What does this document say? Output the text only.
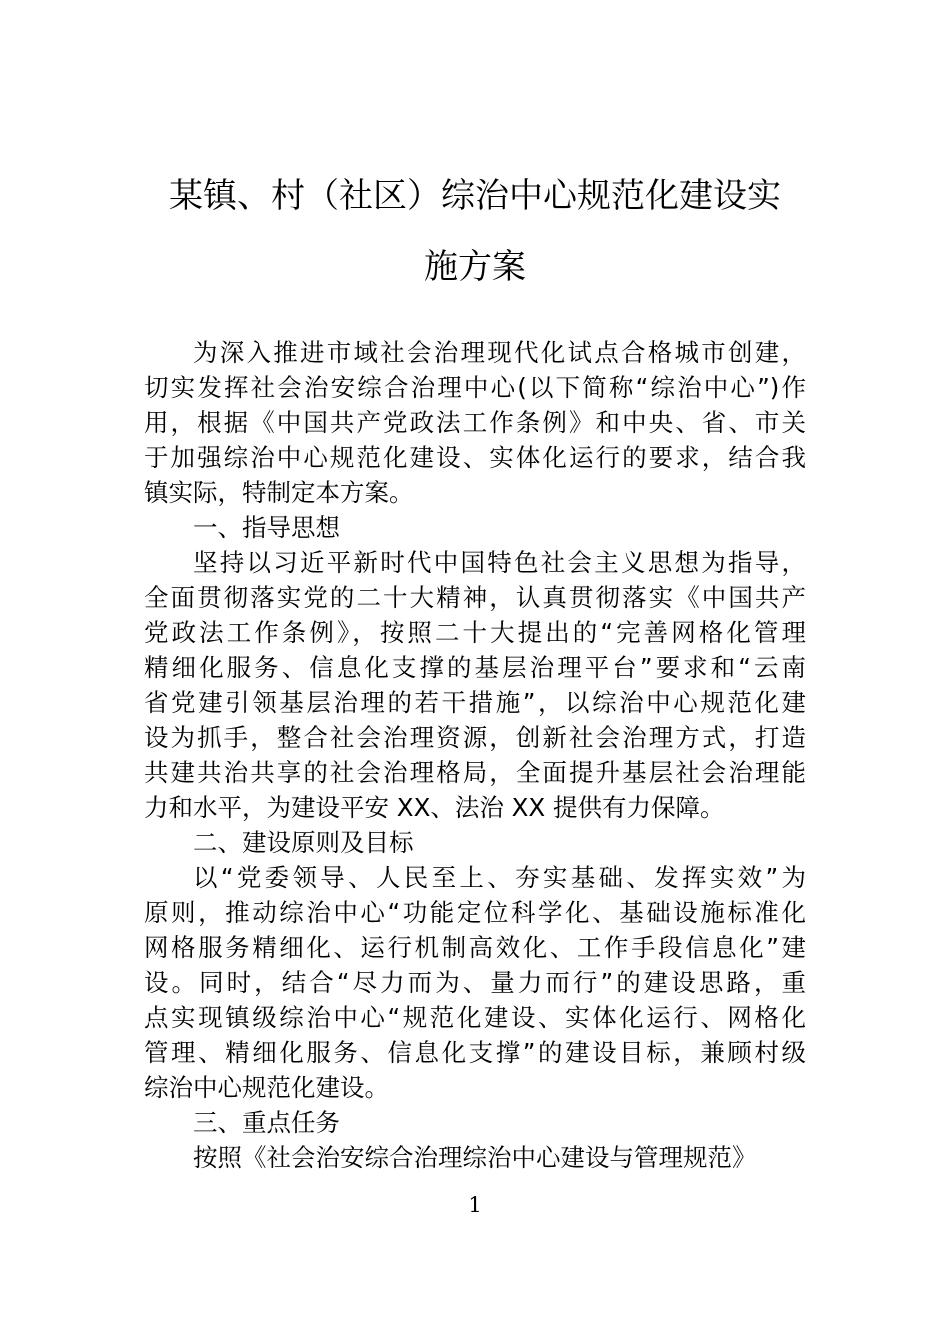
某镇、村（社区）综治中心规范化建设实
施方案
为深入推进市域社会治理现代化试点合格城市创建，
切实发挥社会治安综合治理中心(以下简称“综治中心”)作
用，根据《中国共产党政法工作条例》和中央、省、市关
于加强综治中心规范化建设、实体化运行的要求，结合我
镇实际，特制定本方案。
一、指导思想
坚持以习近平新时代中国特色社会主义思想为指导，
全面贯彻落实党的二十大精神，认真贯彻落实《中国共产
党政法工作条例》，按照二十大提出的“完善网格化管理
精细化服务、信息化支撑的基层治理平台”要求和“云南
省党建引领基层治理的若干措施”，以综治中心规范化建
设为抓手，整合社会治理资源，创新社会治理方式，打造
共建共治共享的社会治理格局，全面提升基层社会治理能
力和水平，为建设平安 XX、法治 XX 提供有力保障。
二、建设原则及目标
以“党委领导、人民至上、夯实基础、发挥实效”为
原则，推动综治中心“功能定位科学化、基础设施标准化
网格服务精细化、运行机制高效化、工作手段信息化”建
设。同时，结合“尽力而为、量力而行”的建设思路，重
点实现镇级综治中心“规范化建设、实体化运行、网格化
管理、精细化服务、信息化支撑”的建设目标，兼顾村级
综治中心规范化建设。
三、重点任务
按照《社会治安综合治理综治中心建设与管理规范》
1
